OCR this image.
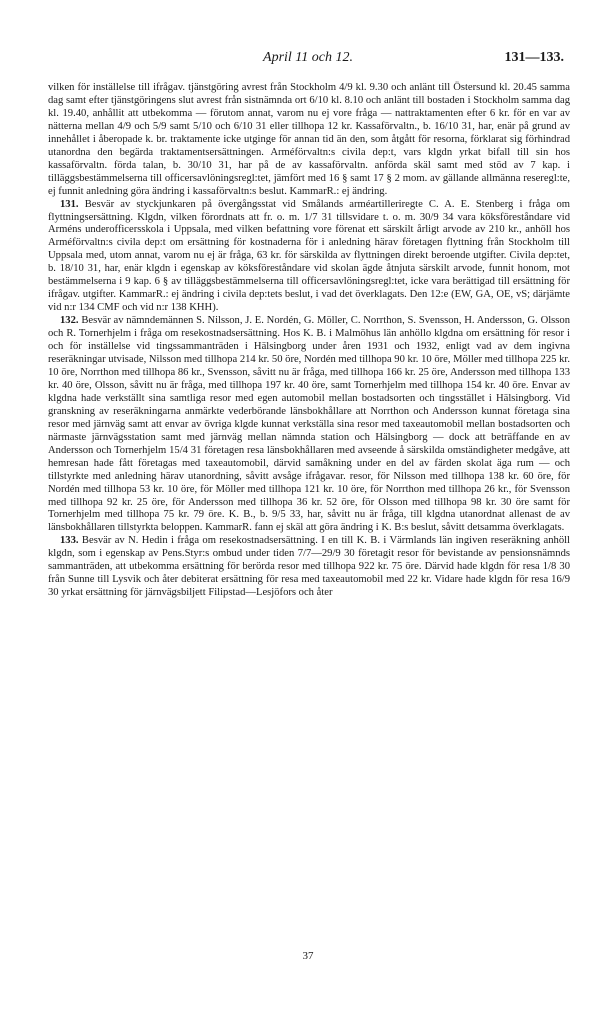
April 11 och 12.	131—133.

vilken för inställelse till ifrågav. tjänstgöring avrest från Stockholm 4/9 kl. 9.30 och anlänt till Östersund kl. 20.45 samma dag samt efter tjänstgöringens slut avrest från sistnämnda ort 6/10 kl. 8.10 och anlänt till bostaden i Stockholm samma dag kl. 19.40, anhållit att utbekomma — förutom annat, varom nu ej vore fråga — nattraktamenten efter 6 kr. för en var av nätterna mellan 4/9 och 5/9 samt 5/10 och 6/10 31 eller tillhopa 12 kr. Kassaförvaltn., b. 16/10 31, har, enär på grund av innehållet i åberopade k. br. traktamente icke utginge för annan tid än den, som åtgått för resorna, förklarat sig förhindrad utanordna den begärda traktamentsersättningen. Arméförvaltn:s civila dep:t, vars klgdn yrkat bifall till sin hos kassaförvaltn. förda talan, b. 30/10 31, har på de av kassaförvaltn. anförda skäl samt med stöd av 7 kap. i tilläggsbestämmelserna till officersavlöningsregl:tet, jämfört med 16 § samt 17 § 2 mom. av gällande allmänna reseregl:te, ej funnit anledning göra ändring i kassaförvaltn:s beslut. KammarR.: ej ändring.

131. Besvär av styckjunkaren på övergångsstat vid Smålands arméartilleriregte C. A. E. Stenberg i fråga om flyttningsersättning. Klgdn, vilken förordnats att fr. o. m. 1/7 31 tillsvidare t. o. m. 30/9 34 vara köksföreståndare vid Arméns underofficersskola i Uppsala, med vilken befattning vore förenat ett särskilt årligt arvode av 210 kr., anhöll hos Arméförvaltn:s civila dep:t om ersättning för kostnaderna för i anledning härav företagen flyttning från Stockholm till Uppsala med, utom annat, varom nu ej är fråga, 63 kr. för särskilda av flyttningen direkt beroende utgifter. Civila dep:tet, b. 18/10 31, har, enär klgdn i egenskap av köksföreståndare vid skolan ägde åtnjuta särskilt arvode, funnit honom, mot bestämmelserna i 9 kap. 6 § av tilläggsbestämmelserna till officersavlöningsregl:tet, icke vara berättigad till ersättning för ifrågav. utgifter. KammarR.: ej ändring i civila dep:tets beslut, i vad det överklagats. Den 12:e (EW, GA, OE, vS; därjämte vid n:r 134 CMF och vid n:r 138 KHH).

132. Besvär av nämndemännen S. Nilsson, J. E. Nordén, G. Möller, C. Norrthon, S. Svensson, H. Andersson, G. Olsson och R. Tornerhjelm i fråga om resekostnadsersättning. Hos K. B. i Malmöhus län anhöllo klgdna om ersättning för resor i och för inställelse vid tingssammanträden i Hälsingborg under åren 1931 och 1932, enligt vad av dem ingivna reseräkningar utvisade, Nilsson med tillhopa 214 kr. 50 öre, Nordén med tillhopa 90 kr. 10 öre, Möller med tillhopa 225 kr. 10 öre, Norrthon med tillhopa 86 kr., Svensson, såvitt nu är fråga, med tillhopa 166 kr. 25 öre, Andersson med tillhopa 133 kr. 40 öre, Olsson, såvitt nu är fråga, med tillhopa 197 kr. 40 öre, samt Tornerhjelm med tillhopa 154 kr. 40 öre. Envar av klgdna hade verkställt sina samtliga resor med egen automobil mellan bostadsorten och tingsstället i Hälsingborg. Vid granskning av reseräkningarna anmärkte vederbörande länsbokhållare att Norrthon och Andersson kunnat företaga sina resor med järnväg samt att envar av övriga klgde kunnat verkställa sina resor med taxeautomobil mellan bostadsorten och närmaste järnvägsstation samt med järnväg mellan nämnda station och Hälsingborg — dock att beträffande en av Andersson och Tornerhjelm 15/4 31 företagen resa länsbokhållaren med avseende å särskilda omständigheter medgåve, att hemresan hade fått företagas med taxeautomobil, därvid samåkning under en del av färden skolat äga rum — och tillstyrkte med anledning härav utanordning, såvitt avsåge ifrågavar. resor, för Nilsson med tillhopa 138 kr. 60 öre, för Nordén med tillhopa 53 kr. 10 öre, för Möller med tillhopa 121 kr. 10 öre, för Norrthon med tillhopa 26 kr., för Svensson med tillhopa 92 kr. 25 öre, för Andersson med tillhopa 36 kr. 52 öre, för Olsson med tillhopa 98 kr. 30 öre samt för Tornerhjelm med tillhopa 75 kr. 79 öre. K. B., b. 9/5 33, har, såvitt nu är fråga, till klgdna utanordnat allenast de av länsbokhållaren tillstyrkta beloppen. KammarR. fann ej skäl att göra ändring i K. B:s beslut, såvitt detsamma överklagats.

133. Besvär av N. Hedin i fråga om resekostnadsersättning. I en till K. B. i Värmlands län ingiven reseräkning anhöll klgdn, som i egenskap av Pens.Styr:s ombud under tiden 7/7—29/9 30 företagit resor för bevistande av pensionsnämnds sammanträden, att utbekomma ersättning för berörda resor med tillhopa 922 kr. 75 öre. Därvid hade klgdn för resa 1/8 30 från Sunne till Lysvik och åter debiterat ersättning för resa med taxeautomobil med 22 kr. Vidare hade klgdn för resa 16/9 30 yrkat ersättning för järnvägsbiljett Filipstad—Lesjöfors och åter

37
